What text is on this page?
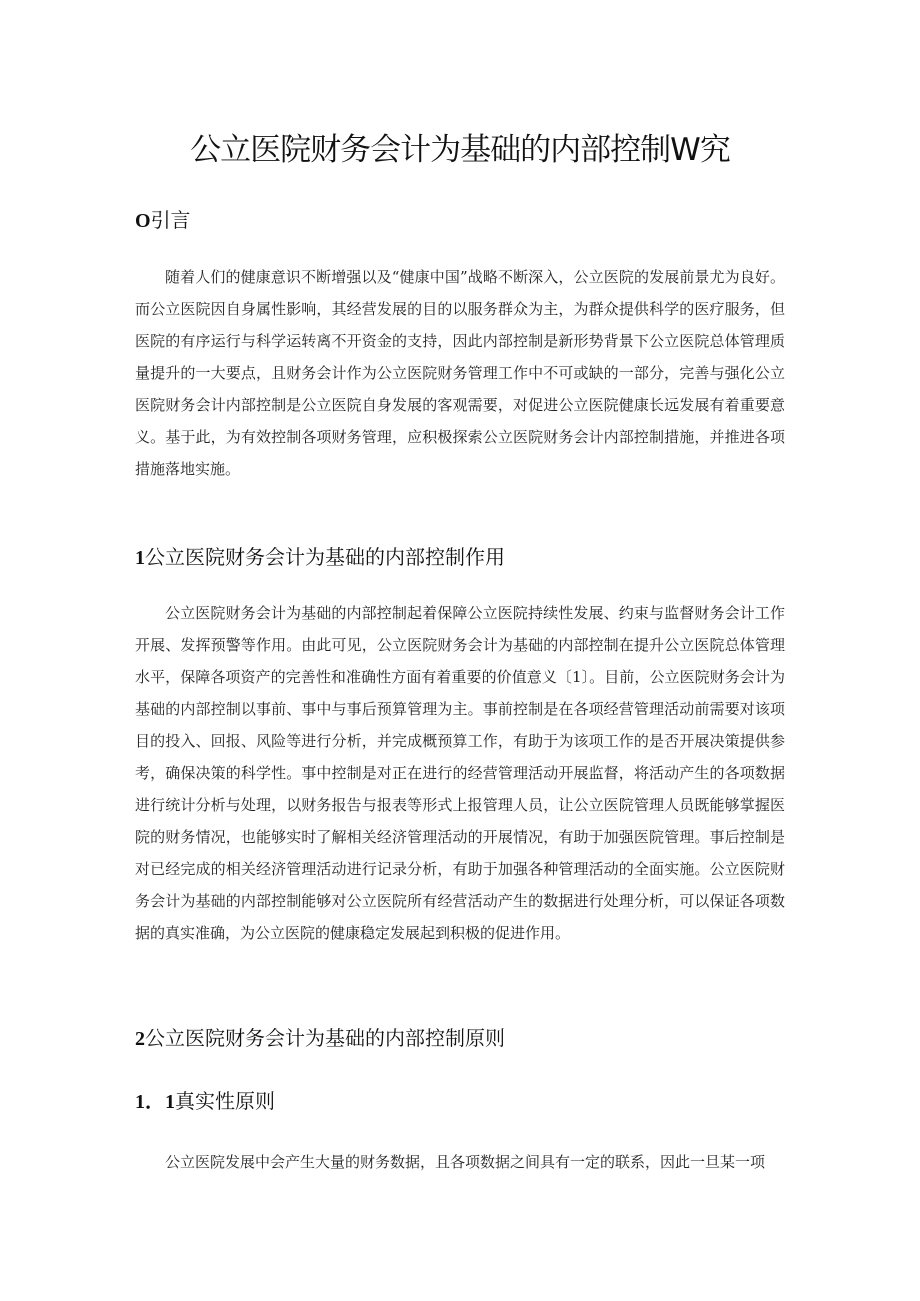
公立医院财务会计为基础的内部控制W究
O引言

随着人们的健康意识不断增强以及“健康中国”战略不断深入，公立医院的发展前景尤为良好。而公立医院因自身属性影响，其经营发展的目的以服务群众为主，为群众提供科学的医疗服务，但医院的有序运行与科学运转离不开资金的支持，因此内部控制是新形势背景下公立医院总体管理质量提升的一大要点，且财务会计作为公立医院财务管理工作中不可或缺的一部分，完善与强化公立医院财务会计内部控制是公立医院自身发展的客观需要，对促进公立医院健康长远发展有着重要意义。基于此，为有效控制各项财务管理，应积极探索公立医院财务会计内部控制措施，并推进各项措施落地实施。

1公立医院财务会计为基础的内部控制作用

公立医院财务会计为基础的内部控制起着保障公立医院持续性发展、约束与监督财务会计工作开展、发挥预警等作用。由此可见，公立医院财务会计为基础的内部控制在提升公立医院总体管理水平，保障各项资产的完善性和准确性方面有着重要的价值意义〔1〕。目前，公立医院财务会计为基础的内部控制以事前、事中与事后预算管理为主。事前控制是在各项经营管理活动前需要对该项目的投入、回报、风险等进行分析，并完成概预算工作，有助于为该项工作的是否开展决策提供参考，确保决策的科学性。事中控制是对正在进行的经营管理活动开展监督，将活动产生的各项数据进行统计分析与处理，以财务报告与报表等形式上报管理人员，让公立医院管理人员既能够掌握医院的财务情况，也能够实时了解相关经济管理活动的开展情况，有助于加强医院管理。事后控制是对已经完成的相关经济管理活动进行记录分析，有助于加强各种管理活动的全面实施。公立医院财务会计为基础的内部控制能够对公立医院所有经营活动产生的数据进行处理分析，可以保证各项数据的真实准确，为公立医院的健康稳定发展起到积极的促进作用。

2公立医院财务会计为基础的内部控制原则
1．1真实性原则

公立医院发展中会产生大量的财务数据，且各项数据之间具有一定的联系，因此一旦某一项
